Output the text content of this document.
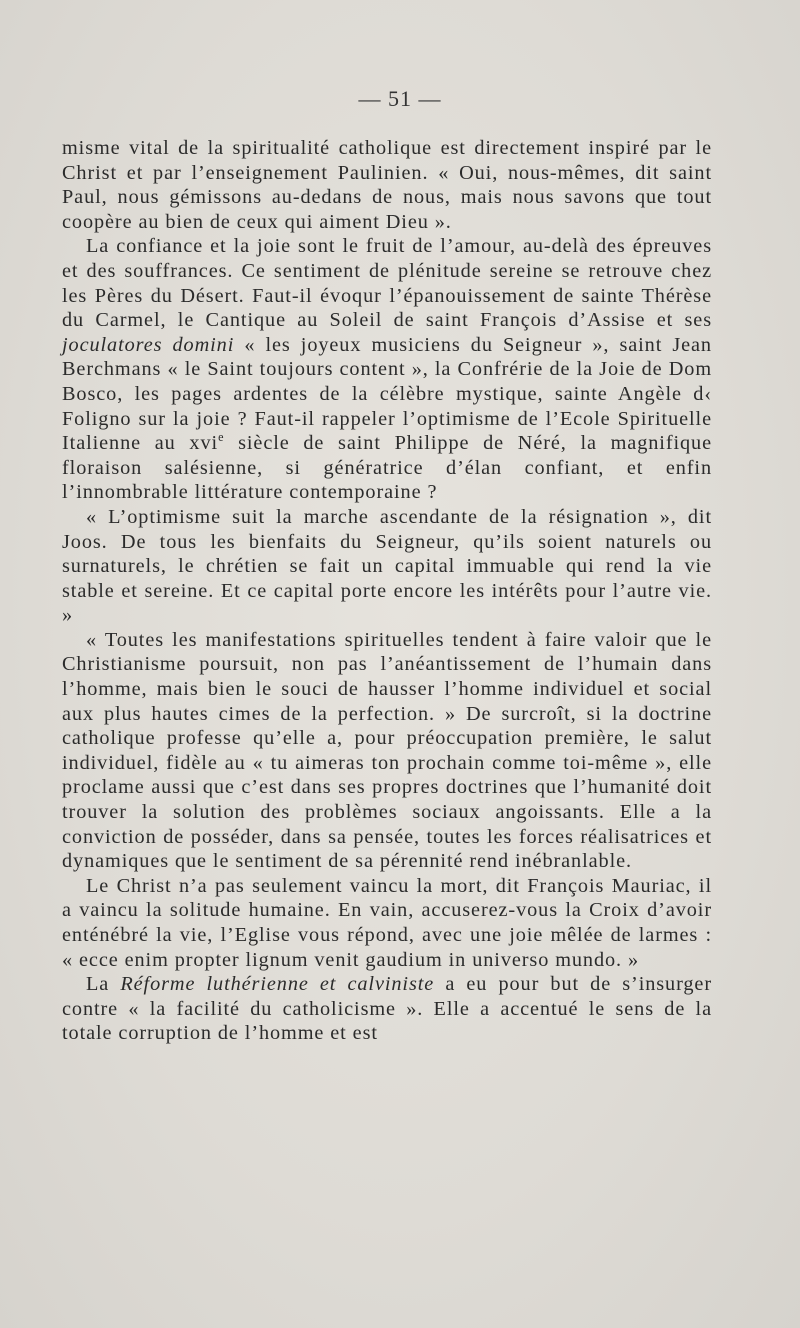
— 51 —

misme vital de la spiritualité catholique est directement inspiré par le Christ et par l’enseignement Paulinien. « Oui, nous-mêmes, dit saint Paul, nous gémissons au-dedans de nous, mais nous savons que tout coopère au bien de ceux qui aiment Dieu ».

La confiance et la joie sont le fruit de l’amour, au-delà des épreuves et des souffrances. Ce sentiment de plénitude sereine se retrouve chez les Pères du Désert. Faut-il évoqur l’épanouissement de sainte Thérèse du Carmel, le Cantique au Soleil de saint François d’Assise et ses joculatores domini « les joyeux musiciens du Seigneur », saint Jean Berchmans « le Saint toujours content », la Confrérie de la Joie de Dom Bosco, les pages ardentes de la célèbre mystique, sainte Angèle d‹ Foligno sur la joie ? Faut-il rappeler l’optimisme de l’Ecole Spirituelle Italienne au xvi$^e$ siècle de saint Philippe de Néré, la magnifique floraison salésienne, si génératrice d’élan confiant, et enfin l’innombrable littérature contemporaine ?

« L’optimisme suit la marche ascendante de la résignation », dit Joos. De tous les bienfaits du Seigneur, qu’ils soient naturels ou surnaturels, le chrétien se fait un capital immuable qui rend la vie stable et sereine. Et ce capital porte encore les intérêts pour l’autre vie. »

« Toutes les manifestations spirituelles tendent à faire valoir que le Christianisme poursuit, non pas l’anéantissement de l’humain dans l’homme, mais bien le souci de hausser l’homme individuel et social aux plus hautes cimes de la perfection. » De surcroît, si la doctrine catholique professe qu’elle a, pour préoccupation première, le salut individuel, fidèle au « tu aimeras ton prochain comme toi-même », elle proclame aussi que c’est dans ses propres doctrines que l’humanité doit trouver la solution des problèmes sociaux angoissants. Elle a la conviction de posséder, dans sa pensée, toutes les forces réalisatrices et dynamiques que le sentiment de sa pérennité rend inébranlable.

Le Christ n’a pas seulement vaincu la mort, dit François Mauriac, il a vaincu la solitude humaine. En vain, accuserez-vous la Croix d’avoir enténébré la vie, l’Eglise vous répond, avec une joie mêlée de larmes : « ecce enim propter lignum venit gaudium in universo mundo. »

La Réforme luthérienne et calviniste a eu pour but de s’insurger contre « la facilité du catholicisme ». Elle a accentué le sens de la totale corruption de l’homme et est
